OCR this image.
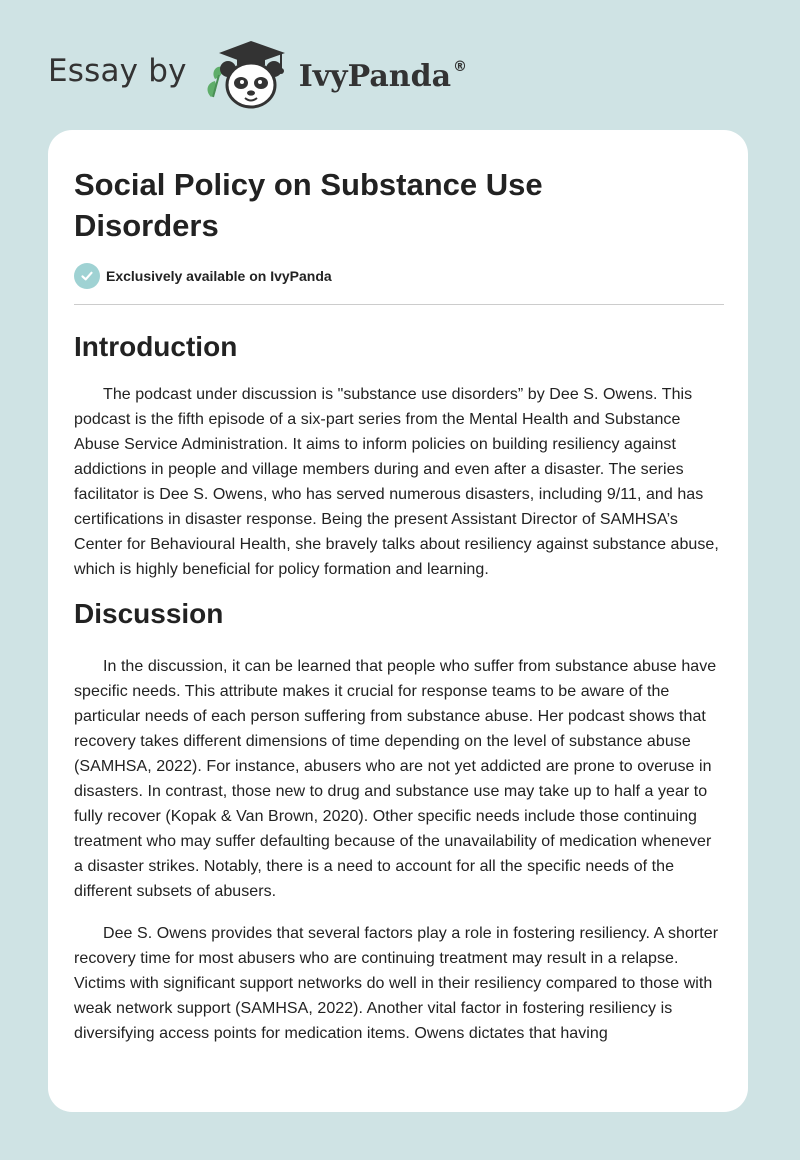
Essay by	IvyPanda ®
Social Policy on Substance Use Disorders
Exclusively available on IvyPanda
Introduction

The podcast under discussion is "substance use disorders” by Dee S. Owens. This podcast is the fifth episode of a six-part series from the Mental Health and Substance Abuse Service Administration. It aims to inform policies on building resiliency against addictions in people and village members during and even after a disaster. The series facilitator is Dee S. Owens, who has served numerous disasters, including 9/11, and has certifications in disaster response. Being the present Assistant Director of SAMHSA’s Center for Behavioural Health, she bravely talks about resiliency against substance abuse, which is highly beneficial for policy formation and learning.

Discussion

In the discussion, it can be learned that people who suffer from substance abuse have specific needs. This attribute makes it crucial for response teams to be aware of the particular needs of each person suffering from substance abuse. Her podcast shows that recovery takes different dimensions of time depending on the level of substance abuse (SAMHSA, 2022). For instance, abusers who are not yet addicted are prone to overuse in disasters. In contrast, those new to drug and substance use may take up to half a year to fully recover (Kopak & Van Brown, 2020). Other specific needs include those continuing treatment who may suffer defaulting because of the unavailability of medication whenever a disaster strikes. Notably, there is a need to account for all the specific needs of the different subsets of abusers.

Dee S. Owens provides that several factors play a role in fostering resiliency. A shorter recovery time for most abusers who are continuing treatment may result in a relapse. Victims with significant support networks do well in their resiliency compared to those with weak network support (SAMHSA, 2022). Another vital factor in fostering resiliency is diversifying access points for medication items. Owens dictates that having
